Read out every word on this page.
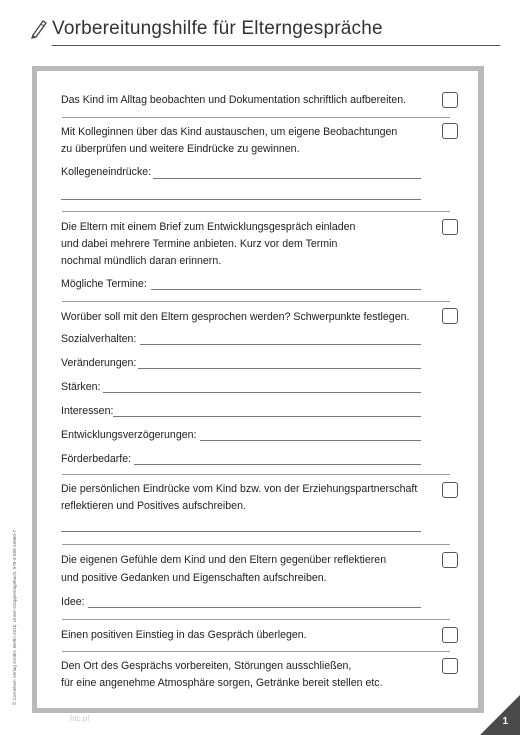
Vorbereitungshilfe für Elterngespräche
© Cornelsen Verlag GmbH, Berlin 2016, Unser Gruppentagebuch, 978-3-589-15860-7
Das Kind im Alltag beobachten und Dokumentation schriftlich aufbereiten.
Mit Kolleginnen über das Kind austauschen, um eigene Beobachtungen
zu überprüfen und weitere Eindrücke zu gewinnen.
Kollegeneindrücke:
Die Eltern mit einem Brief zum Entwicklungsgespräch einladen
und dabei mehrere Termine anbieten. Kurz vor dem Termin
nochmal mündlich daran erinnern.
Mögliche Termine:
Worüber soll mit den Eltern gesprochen werden? Schwerpunkte festlegen.
Sozialverhalten:
Veränderungen:
Stärken:
Interessen:
Entwicklungsverzögerungen:
Förderbedarfe:
Die persönlichen Eindrücke vom Kind bzw. von der Erziehungspartnerschaft
reflektieren und Positives aufschreiben.
Die eigenen Gefühle dem Kind und den Eltern gegenüber reflektieren
und positive Gedanken und Eigenschaften aufschreiben.
Idee:
Einen positiven Einstieg in das Gespräch überlegen.
Den Ort des Gesprächs vorbereiten, Störungen ausschließen,
für eine angenehme Atmosphäre sorgen, Getränke bereit stellen etc.
htc.pl	1
